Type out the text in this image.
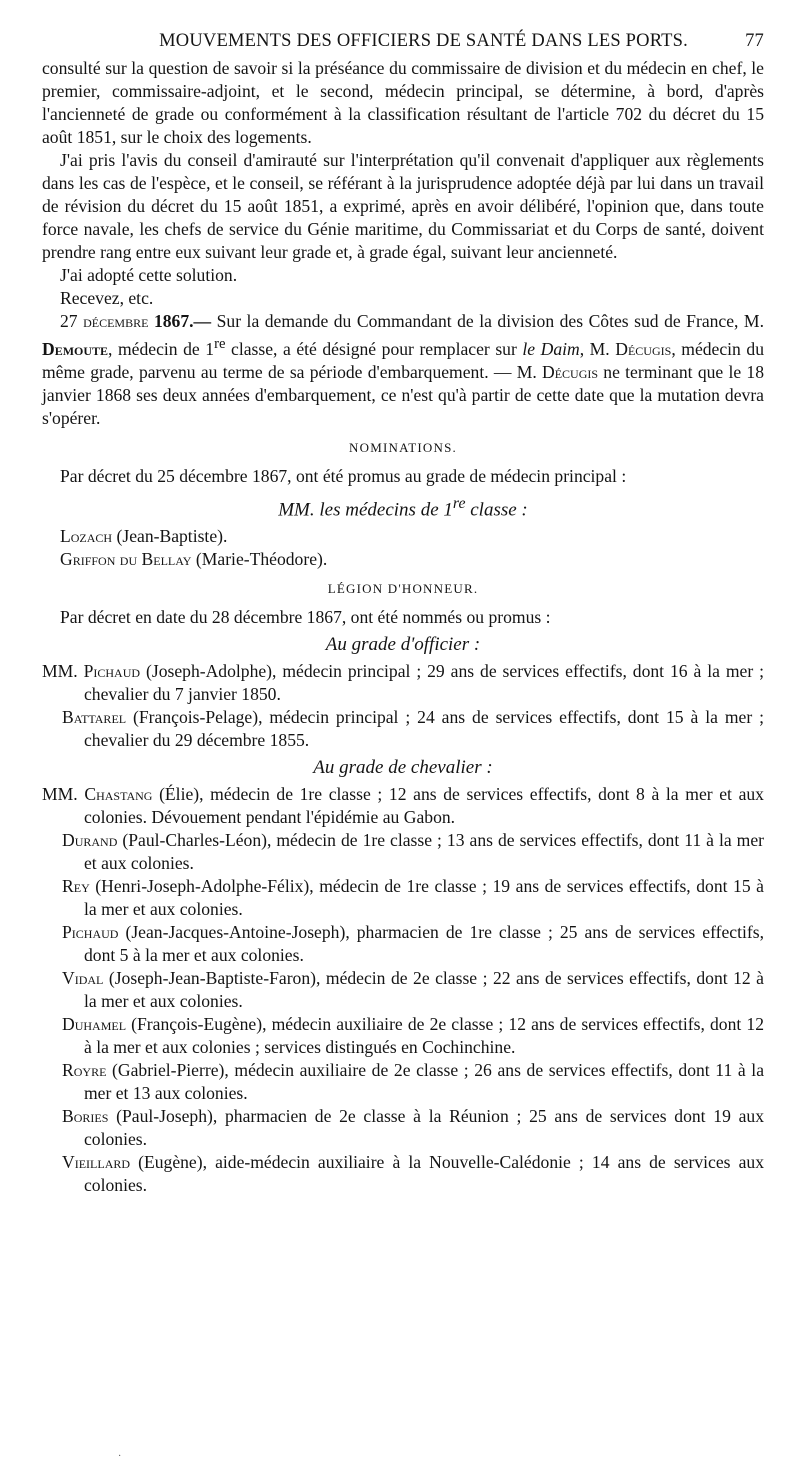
MOUVEMENTS DES OFFICIERS DE SANTÉ DANS LES PORTS.	77

consulté sur la question de savoir si la préséance du commissaire de division et du médecin en chef, le premier, commissaire-adjoint, et le second, médecin principal, se détermine, à bord, d'après l'ancienneté de grade ou conformément à la classification résultant de l'article 702 du décret du 15 août 1851, sur le choix des logements.

J'ai pris l'avis du conseil d'amirauté sur l'interprétation qu'il convenait d'appliquer aux règlements dans les cas de l'espèce, et le conseil, se référant à la jurisprudence adoptée déjà par lui dans un travail de révision du décret du 15 août 1851, a exprimé, après en avoir délibéré, l'opinion que, dans toute force navale, les chefs de service du Génie maritime, du Commissariat et du Corps de santé, doivent prendre rang entre eux suivant leur grade et, à grade égal, suivant leur ancienneté.

J'ai adopté cette solution.

Recevez, etc.

27 décembre 1867.— Sur la demande du Commandant de la division des Côtes sud de France, M. Demoute, médecin de 1re classe, a été désigné pour remplacer sur le Daim, M. Décugis, médecin du même grade, parvenu au terme de sa période d'embarquement. — M. Décugis ne terminant que le 18 janvier 1868 ses deux années d'embarquement, ce n'est qu'à partir de cette date que la mutation devra s'opérer.

NOMINATIONS.

Par décret du 25 décembre 1867, ont été promus au grade de médecin principal :

MM. les médecins de 1re classe :
Lozach (Jean-Baptiste).
Griffon du Bellay (Marie-Théodore).
LÉGION D'HONNEUR.

Par décret en date du 28 décembre 1867, ont été nommés ou promus :

Au grade d'officier :
MM. Pichaud (Joseph-Adolphe), médecin principal ; 29 ans de services effectifs, dont 16 à la mer ; chevalier du 7 janvier 1850.
Battarel (François-Pelage), médecin principal ; 24 ans de services effectifs, dont 15 à la mer ; chevalier du 29 décembre 1855.
Au grade de chevalier :
MM. Chastang (Élie), médecin de 1re classe ; 12 ans de services effectifs, dont 8 à la mer et aux colonies. Dévouement pendant l'épidémie au Gabon.
Durand (Paul-Charles-Léon), médecin de 1re classe ; 13 ans de services effectifs, dont 11 à la mer et aux colonies.
Rey (Henri-Joseph-Adolphe-Félix), médecin de 1re classe ; 19 ans de services effectifs, dont 15 à la mer et aux colonies.
Pichaud (Jean-Jacques-Antoine-Joseph), pharmacien de 1re classe ; 25 ans de services effectifs, dont 5 à la mer et aux colonies.
Vidal (Joseph-Jean-Baptiste-Faron), médecin de 2e classe ; 22 ans de services effectifs, dont 12 à la mer et aux colonies.
Duhamel (François-Eugène), médecin auxiliaire de 2e classe ; 12 ans de services effectifs, dont 12 à la mer et aux colonies ; services distingués en Cochinchine.
Royre (Gabriel-Pierre), médecin auxiliaire de 2e classe ; 26 ans de services effectifs, dont 11 à la mer et 13 aux colonies.
Bories (Paul-Joseph), pharmacien de 2e classe à la Réunion ; 25 ans de services dont 19 aux colonies.
Vieillard (Eugène), aide-médecin auxiliaire à la Nouvelle-Calédonie ; 14 ans de services aux colonies.
·
